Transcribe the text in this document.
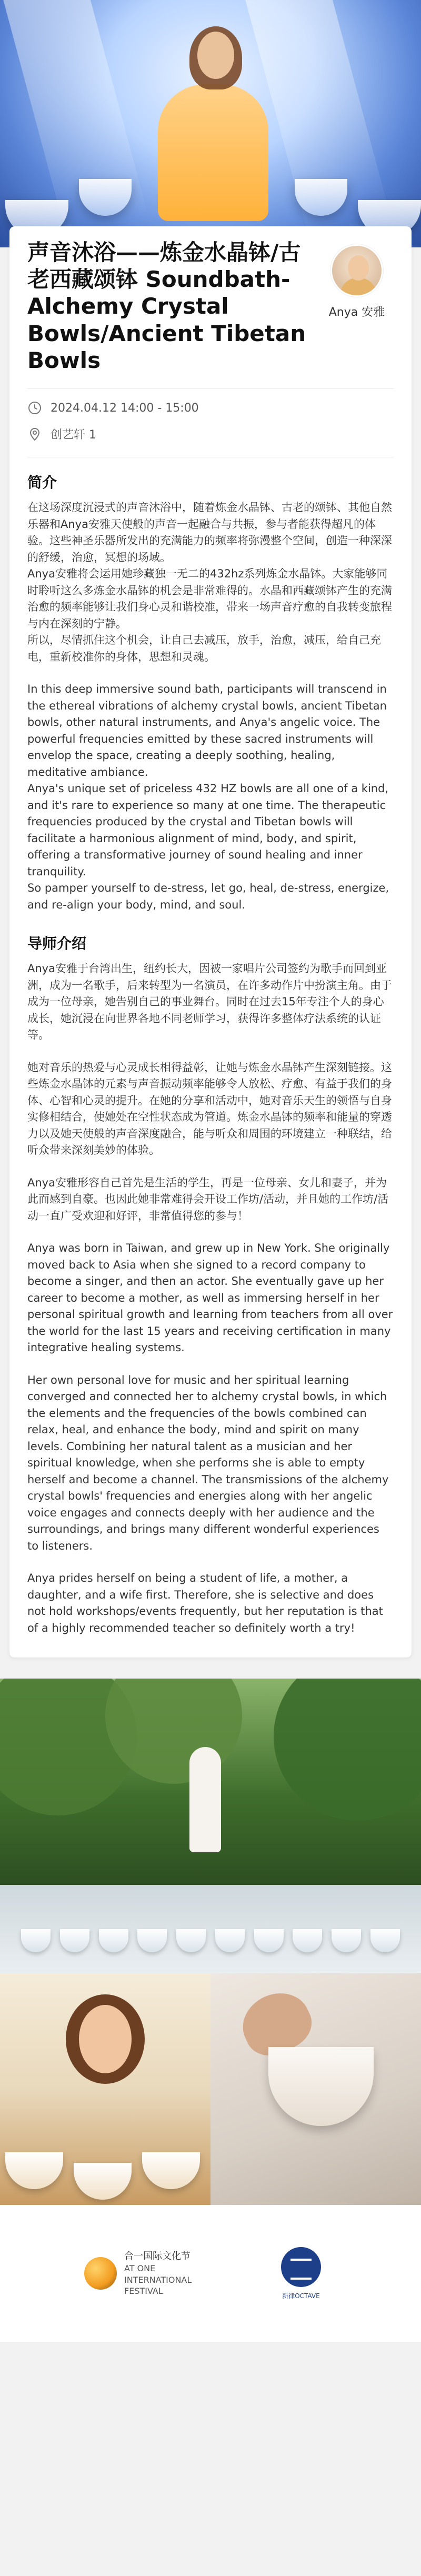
声音沐浴——炼金水晶钵/古老西藏颂钵 Soundbath- Alchemy Crystal Bowls/Ancient Tibetan Bowls
Anya 安雅
2024.04.12 14:00 - 15:00
创艺轩 1
简介

在这场深度沉浸式的声音沐浴中，随着炼金水晶钵、古老的颂钵、其他自然乐器和Anya安雅天使般的声音一起融合与共振，参与者能获得超凡的体验。这些神圣乐器所发出的充满能力的频率将弥漫整个空间，创造一种深深的舒缓，治愈，冥想的场域。
Anya安雅将会运用她珍藏独一无二的432hz系列炼金水晶钵。大家能够同时聆听这么多炼金水晶钵的机会是非常难得的。水晶和西藏颂钵产生的充满治愈的频率能够让我们身心灵和谐校准，带来一场声音疗愈的自我转变旅程与内在深刻的宁静。
所以，尽情抓住这个机会，让自己去减压，放手，治愈，减压，给自己充电，重新校准你的身体，思想和灵魂。

In this deep immersive sound bath, participants will transcend in the ethereal vibrations of alchemy crystal bowls, ancient Tibetan bowls, other natural instruments, and Anya's angelic voice. The powerful frequencies emitted by these sacred instruments will envelop the space, creating a deeply soothing, healing, meditative ambiance.
Anya's unique set of priceless 432 HZ bowls are all one of a kind, and it's rare to experience so many at one time. The therapeutic frequencies produced by the crystal and Tibetan bowls will facilitate a harmonious alignment of mind, body, and spirit, offering a transformative journey of sound healing and inner tranquility.
So pamper yourself to de-stress, let go, heal, de-stress, energize, and re-align your body, mind, and soul.

导师介绍

Anya安雅于台湾出生，纽约长大，因被一家唱片公司签约为歌手而回到亚洲，成为一名歌手，后来转型为一名演员，在许多动作片中扮演主角。由于成为一位母亲，她告别自己的事业舞台。同时在过去15年专注个人的身心成长，她沉浸在向世界各地不同老师学习，获得许多整体疗法系统的认证等。

她对音乐的热爱与心灵成长相得益彰，让她与炼金水晶钵产生深刻链接。这些炼金水晶钵的元素与声音振动频率能够令人放松、疗愈、有益于我们的身体、心智和心灵的提升。在她的分享和活动中，她对音乐天生的领悟与自身实修相结合，使她处在空性状态成为管道。炼金水晶钵的频率和能量的穿透力以及她天使般的声音深度融合，能与听众和周围的环境建立一种联结，给听众带来深刻美妙的体验。

Anya安雅形容自己首先是生活的学生，再是一位母亲、女儿和妻子，并为此而感到自豪。也因此她非常难得会开设工作坊/活动，并且她的工作坊/活动一直广受欢迎和好评，非常值得您的参与！

Anya was born in Taiwan, and grew up in New York. She originally moved back to Asia when she signed to a record company to become a singer, and then an actor. She eventually gave up her career to become a mother, as well as immersing herself in her personal spiritual growth and learning from teachers from all over the world for the last 15 years and receiving certification in many integrative healing systems.

Her own personal love for music and her spiritual learning converged and connected her to alchemy crystal bowls, in which the elements and the frequencies of the bowls combined can relax, heal, and enhance the body, mind and spirit on many levels. Combining her natural talent as a musician and her spiritual knowledge, when she performs she is able to empty herself and become a channel. The transmissions of the alchemy crystal bowls' frequencies and energies along with her angelic voice engages and connects deeply with her audience and the surroundings, and brings many different wonderful experiences to listeners.

Anya prides herself on being a student of life, a mother, a daughter, and a wife first. Therefore, she is selective and does not hold workshops/events frequently, but her reputation is that of a highly recommended teacher so definitely worth a try!

合一国际文化节
AT ONE
INTERNATIONAL
FESTIVAL	新律OCTAVE
